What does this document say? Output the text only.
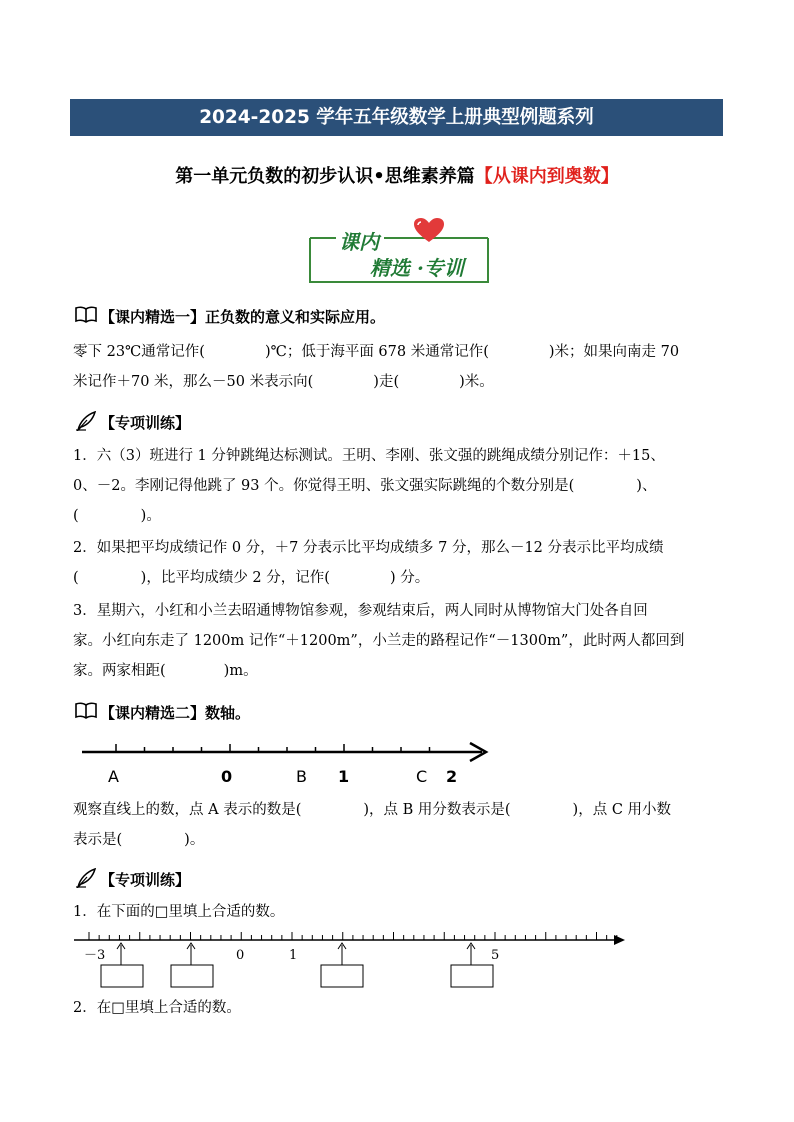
2024-2025 学年五年级数学上册典型例题系列
第一单元负数的初步认识•思维素养篇【从课内到奥数】
课内
精选 ·专训
【课内精选一】正负数的意义和实际应用。
零下 23℃通常记作(	)℃；低于海平面 678 米通常记作(	)米；如果向南走 70
米记作＋70 米，那么－50 米表示向(	)走(	)米。
【专项训练】
1．六（3）班进行 1 分钟跳绳达标测试。王明、李刚、张文强的跳绳成绩分别记作：＋15、
0、－2。李刚记得他跳了 93 个。你觉得王明、张文强实际跳绳的个数分别是(	)、
(	)。
2．如果把平均成绩记作 0 分，＋7 分表示比平均成绩多 7 分，那么－12 分表示比平均成绩
(	)，比平均成绩少 2 分，记作(	) 分。
3．星期六，小红和小兰去昭通博物馆参观，参观结束后，两人同时从博物馆大门处各自回
家。小红向东走了 1200m 记作“＋1200m”，小兰走的路程记作“－1300m”，此时两人都回到
家。两家相距(	)m。
【课内精选二】数轴。
A	0	B 1	C 2
观察直线上的数，点 A 表示的数是(	)，点 B 用分数表示是(	)，点 C 用小数
表示是(	)。
【专项训练】
1．在下面的□里填上合适的数。
－3	0	1	5
2．在□里填上合适的数。
